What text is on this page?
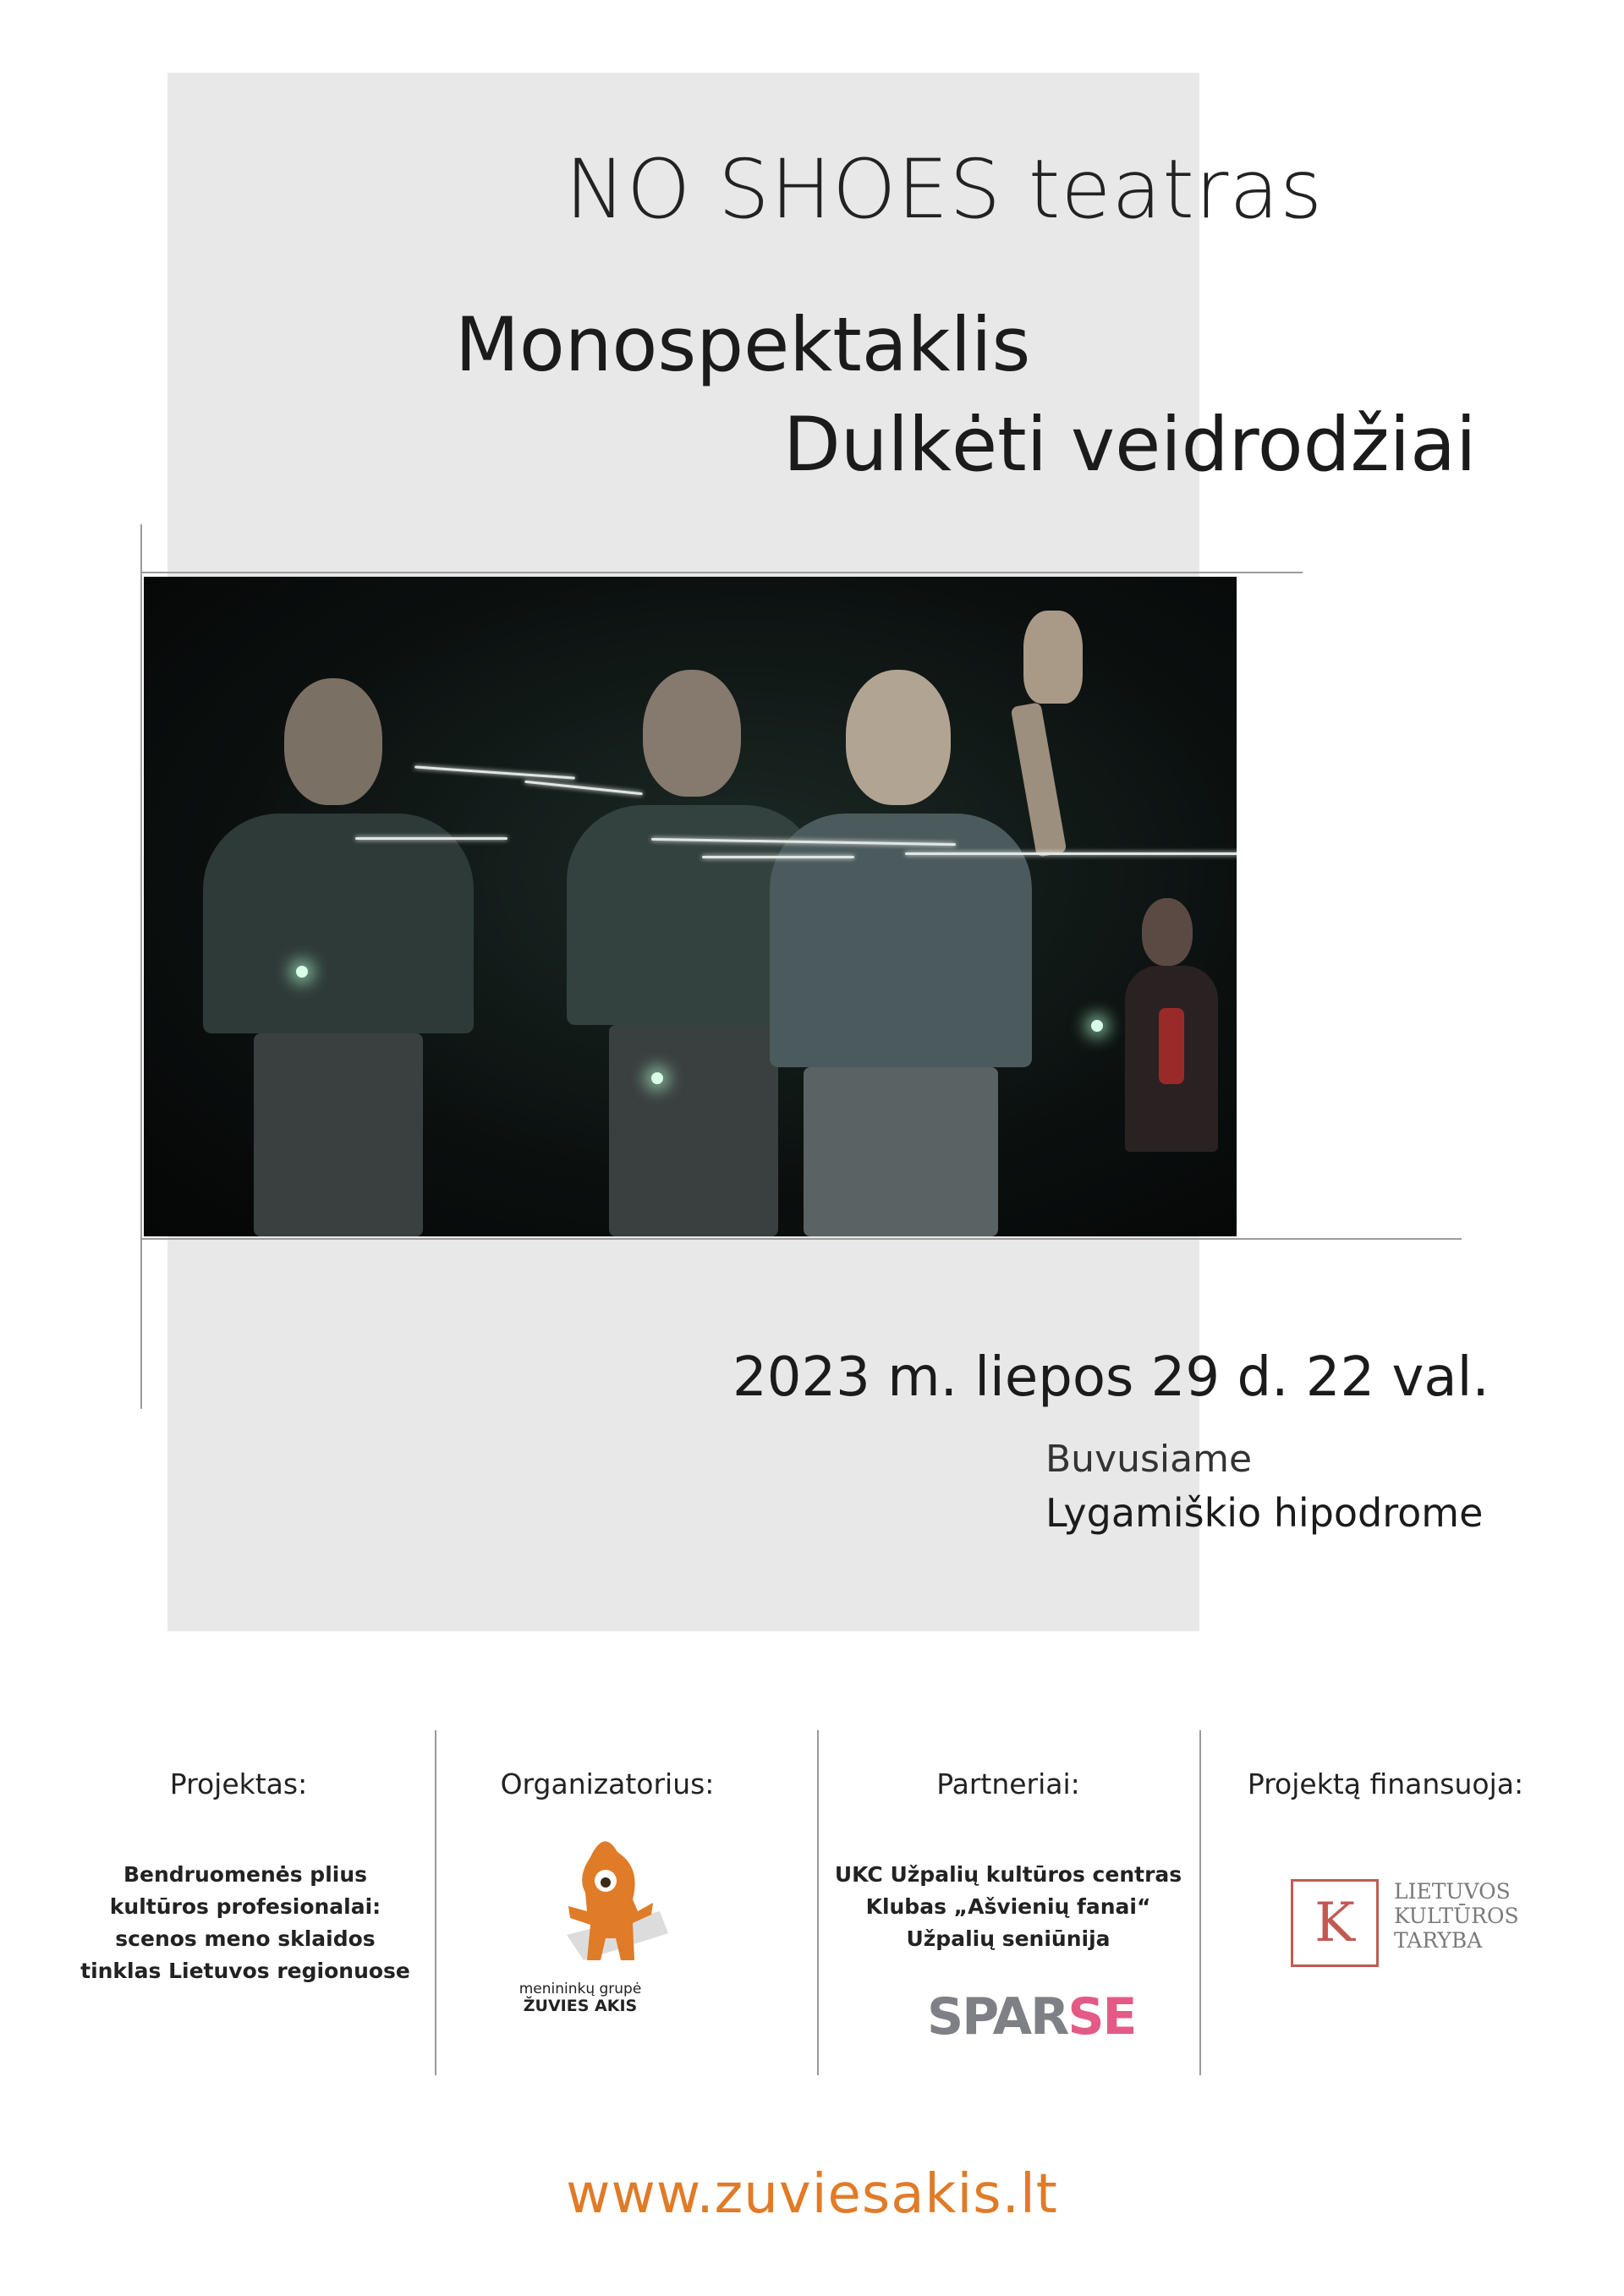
NO SHOES teatras
Monospektaklis
Dulkėti veidrodžiai
2023 m. liepos 29 d. 22 val.
Buvusiame
Lygamiškio hipodrome
Projektas:
Bendruomenės plius
kultūros profesionalai:
scenos meno sklaidos
tinklas Lietuvos regionuose
Organizatorius:
menininkų grupė
ŽUVIES AKIS
Partneriai:
UKC Užpalių kultūros centras
Klubas „Ašvienių fanai“
Užpalių seniūnija
SPARSE
Projektą finansuoja:
K
LIETUVOS
KULTŪROS
TARYBA
www.zuviesakis.lt
